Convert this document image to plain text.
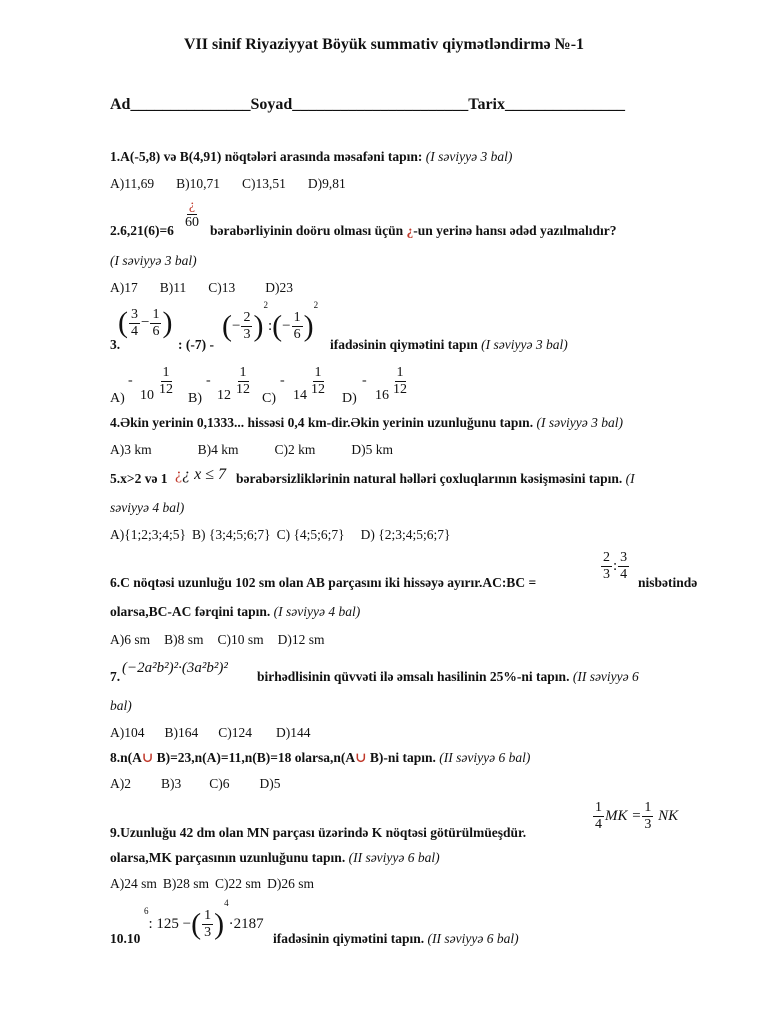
VII sinif Riyaziyyat Böyük summativ qiymətləndirmə №-1
Ad_______________Soyad______________________Tarix_______________
1.A(-5,8) və B(4,91) nöqtələri arasında məsafəni tapın: (I səviyyə 3 bal)
A)11,69 B)10,71 C)13,51 D)9,81
2.6,21(6)=6
$\frac{¿}{60}$
bərabərliyinin doöru olması üçün ¿-un yerinə hansı ədəd yazılmalıdır?
(I səviyyə 3 bal)
A)17 B)11 C)13 D)23
3.
( $\frac{3}{4} - \frac{1}{6}$ )
: (-7) -
(− $\frac{2}{3}$ )$^2$:(− $\frac{1}{6} )^2$
ifadəsinin qiymətini tapın (I səviyyə 3 bal)
A)
-
$10 \frac{1}{12}$
B)
-
$12 \frac{1}{12}$
C)
-
$14 \frac{1}{12}$
D)
-
$16 \frac{1}{12}$
4.Əkin yerinin 0,1333... hissəsi 0,4 km-dir.Əkin yerinin uzunluğunu tapın. (I səviyyə 3 bal)
A)3 km	B)4 km	C)2 km	D)5 km
5.x>2 və 1 ¿¿ x ≤ 7 bərabərsizliklərinin natural həlləri çoxluqlarının kəsişməsini tapın. (I
səviyyə 4 bal)
A){1;2;3;4;5} B) {3;4;5;6;7} C) {4;5;6;7} D) {2;3;4;5;6;7}
6.C nöqtəsi uzunluğu 102 sm olan AB parçasını iki hissəyə ayırır.AC:BC =
$\frac{2}{3}$ : $\frac{3}{4}$
nisbətində
olarsa,BC-AC fərqini tapın. (I səviyyə 4 bal)
A)6 sm B)8 sm C)10 sm D)12 sm
7.
(−2a²b²)²·(3a²b²)²
birhədlisinin qüvvəti ilə əmsalı hasilinin 25%-ni tapın. (II səviyyə 6
bal)
A)104 B)164 C)124 D)144
8.n(A∪ B)=23,n(A)=11,n(B)=18 olarsa,n(A∪ B)-ni tapın. (II səviyyə 6 bal)
A)2 B)3 C)6 D)5
9.Uzunluğu 42 dm olan MN parçası üzərində K nöqtəsi götürülmüeşdür.
$\frac{1}{4}$ MK = $\frac{1}{3}$ NK
olarsa,MK parçasının uzunluğunu tapın. (II səviyyə 6 bal)
A)24 sm B)28 sm C)22 sm D)26 sm
10.10
$^6$: 125 −( $\frac{1}{3} )^4\cdot 2187$
ifadəsinin qiymətini tapın. (II səviyyə 6 bal)
